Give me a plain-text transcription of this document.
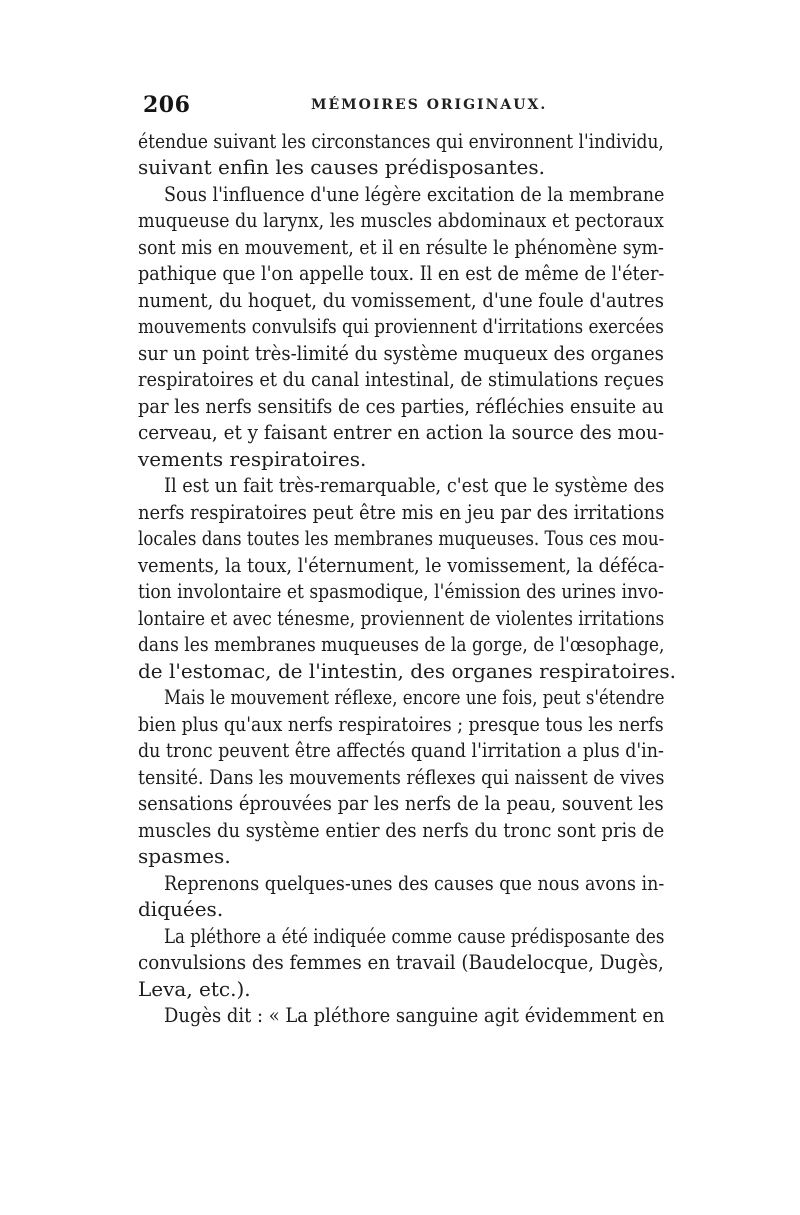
206	MÉMOIRES ORIGINAUX.
étendue suivant les circonstances qui environnent l'individu,
suivant enfin les causes prédisposantes.
Sous l'influence d'une légère excitation de la membrane
muqueuse du larynx, les muscles abdominaux et pectoraux
sont mis en mouvement, et il en résulte le phénomène sym-
pathique que l'on appelle toux. Il en est de même de l'éter-
nument, du hoquet, du vomissement, d'une foule d'autres
mouvements convulsifs qui proviennent d'irritations exercées
sur un point très-limité du système muqueux des organes
respiratoires et du canal intestinal, de stimulations reçues
par les nerfs sensitifs de ces parties, réfléchies ensuite au
cerveau, et y faisant entrer en action la source des mou-
vements respiratoires.
Il est un fait très-remarquable, c'est que le système des
nerfs respiratoires peut être mis en jeu par des irritations
locales dans toutes les membranes muqueuses. Tous ces mou-
vements, la toux, l'éternument, le vomissement, la déféca-
tion involontaire et spasmodique, l'émission des urines invo-
lontaire et avec ténesme, proviennent de violentes irritations
dans les membranes muqueuses de la gorge, de l'œsophage,
de l'estomac, de l'intestin, des organes respiratoires.
Mais le mouvement réflexe, encore une fois, peut s'étendre
bien plus qu'aux nerfs respiratoires ; presque tous les nerfs
du tronc peuvent être affectés quand l'irritation a plus d'in-
tensité. Dans les mouvements réflexes qui naissent de vives
sensations éprouvées par les nerfs de la peau, souvent les
muscles du système entier des nerfs du tronc sont pris de
spasmes.
Reprenons quelques-unes des causes que nous avons in-
diquées.
La pléthore a été indiquée comme cause prédisposante des
convulsions des femmes en travail (Baudelocque, Dugès,
Leva, etc.).
Dugès dit : « La pléthore sanguine agit évidemment en
